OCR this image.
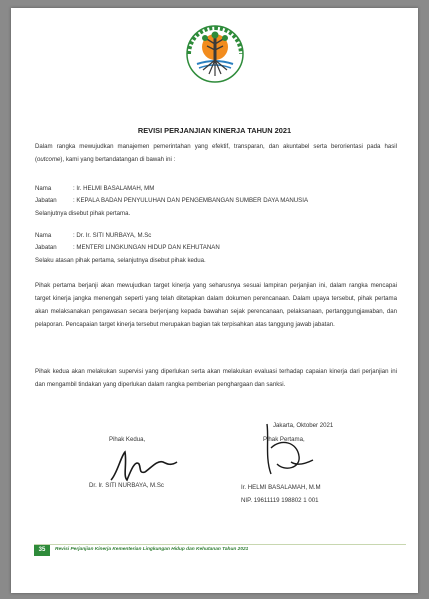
REVISI PERJANJIAN KINERJA TAHUN 2021
Dalam rangka mewujudkan manajemen pemerintahan yang efektif, transparan, dan akuntabel serta berorientasi pada hasil (outcome), kami yang bertandatangan di bawah ini :
Nama	: Ir. HELMI BASALAMAH, MM
Jabatan	: KEPALA BADAN PENYULUHAN DAN PENGEMBANGAN SUMBER DAYA MANUSIA
Selanjutnya disebut pihak pertama.
Nama	: Dr. Ir. SITI NURBAYA, M.Sc
Jabatan	: MENTERI LINGKUNGAN HIDUP DAN KEHUTANAN
Selaku atasan pihak pertama, selanjutnya disebut pihak kedua.
Pihak pertama berjanji akan mewujudkan target kinerja yang seharusnya sesuai lampiran perjanjian ini, dalam rangka mencapai target kinerja jangka menengah seperti yang telah ditetapkan dalam dokumen perencanaan. Dalam upaya tersebut, pihak pertama akan melaksanakan pengawasan secara berjenjang kepada bawahan sejak perencanaan, pelaksanaan, pertanggungjawaban, dan pelaporan. Pencapaian target kinerja tersebut merupakan bagian tak terpisahkan atas tanggung jawab jabatan.
Pihak kedua akan melakukan supervisi yang diperlukan serta akan melakukan evaluasi terhadap capaian kinerja dari perjanjian ini dan mengambil tindakan yang diperlukan dalam rangka pemberian penghargaan dan sanksi.
Jakarta, Oktober 2021
Pihak Kedua,	Pihak Pertama,
Dr. Ir. SITI NURBAYA, M.Sc	Ir. HELMI BASALAMAH, M.M
NIP. 19611119 198802 1 001
35	Revisi Perjanjian Kinerja Kementerian Lingkungan Hidup dan Kehutanan Tahun 2021
